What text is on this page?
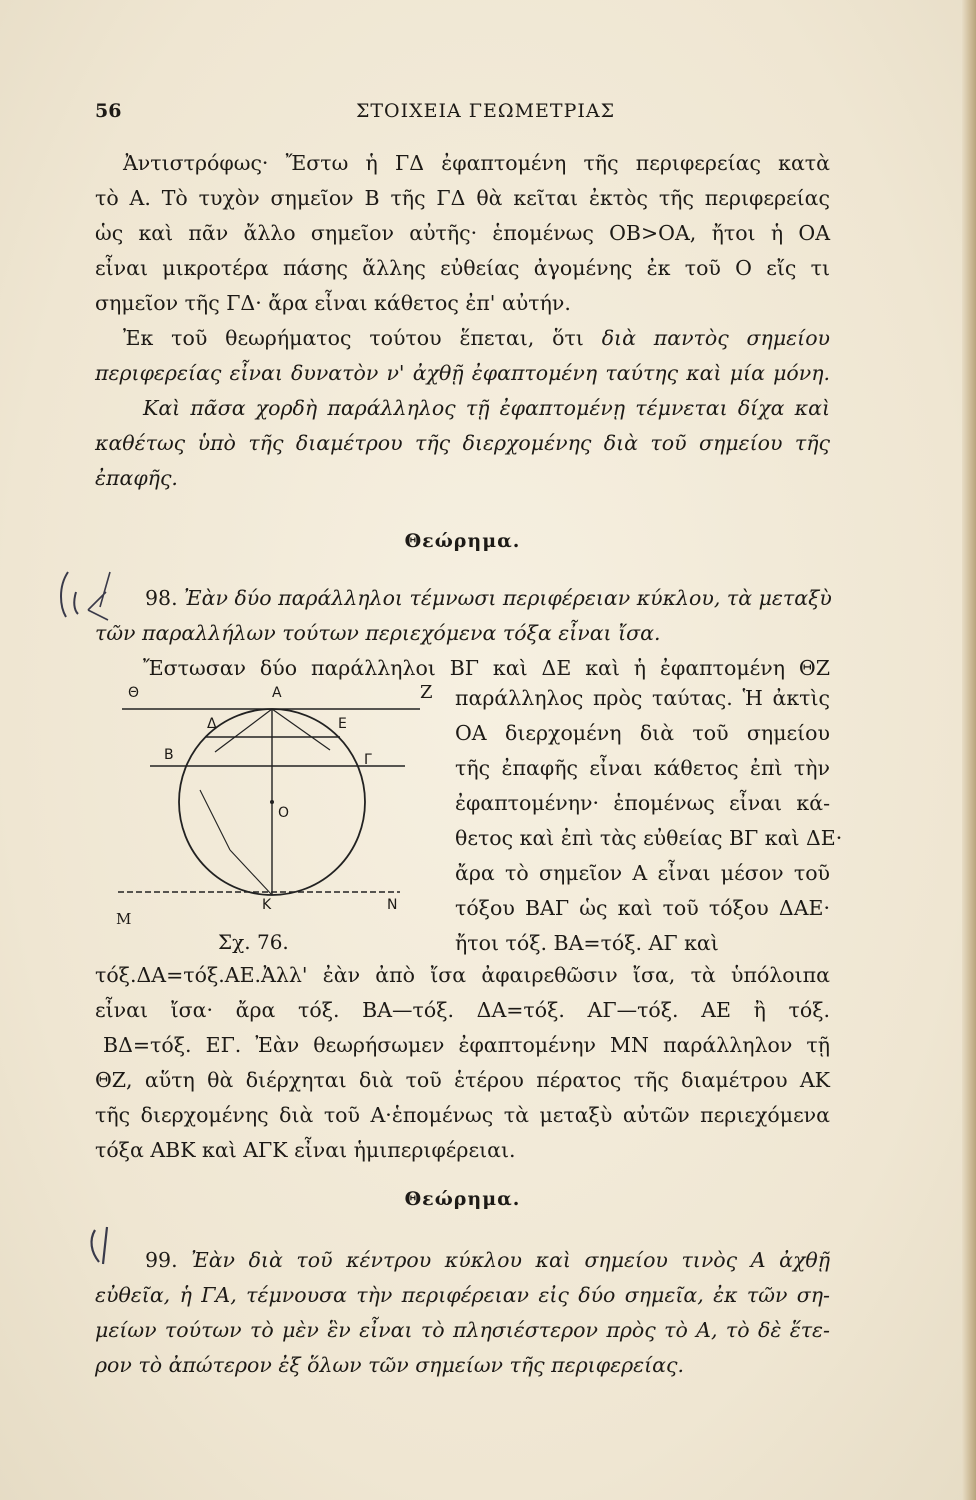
56	ΣΤΟΙΧΕΙΑ ΓΕΩΜΕΤΡΙΑΣ
Ἀντιστρόφως· Ἔστω ἡ ΓΔ ἐφαπτομένη τῆς περιφερείας κατὰ
τὸ Α. Τὸ τυχὸν σημεῖον Β τῆς ΓΔ θὰ κεῖται ἐκτὸς τῆς περιφερείας
ὡς καὶ πᾶν ἄλλο σημεῖον αὐτῆς· ἑπομένως ΟΒ>ΟΑ, ἤτοι ἡ ΟΑ
εἶναι μικροτέρα πάσης ἄλλης εὐθείας ἀγομένης ἐκ τοῦ Ο εἴς τι
σημεῖον τῆς ΓΔ· ἄρα εἶναι κάθετος ἐπ' αὐτήν.
Ἐκ τοῦ θεωρήματος τούτου ἕπεται, ὅτι διὰ παντὸς σημείου
περιφερείας εἶναι δυνατὸν ν' ἀχθῇ ἐφαπτομένη ταύτης καὶ μία μόνη.
Καὶ πᾶσα χορδὴ παράλληλος τῇ ἐφαπτομένῃ τέμνεται δίχα καὶ
καθέτως ὑπὸ τῆς διαμέτρου τῆς διερχομένης διὰ τοῦ σημείου τῆς
ἐπαφῆς.
Θεώρημα.
98. Ἐὰν δύο παράλληλοι τέμνωσι περιφέρειαν κύκλου, τὰ μεταξὺ
τῶν παραλλήλων τούτων περιεχόμενα τόξα εἶναι ἴσα.
Ἔστωσαν δύο παράλληλοι ΒΓ καὶ ΔΕ καὶ ἡ ἐφαπτομένη ΘΖ
Θ	Α	Ζ
Δ	Ε
Β	Γ
Ο
Κ	Ν
Μ
Σχ. 76.
παράλληλος πρὸς ταύτας. Ἡ ἀκτὶς
ΟΑ διερχομένη διὰ τοῦ σημείου
τῆς ἐπαφῆς εἶναι κάθετος ἐπὶ τὴν
ἐφαπτομένην· ἑπομένως εἶναι κά-
θετος καὶ ἐπὶ τὰς εὐθείας ΒΓ καὶ ΔΕ·
ἄρα τὸ σημεῖον Α εἶναι μέσον τοῦ
τόξου ΒΑΓ ὡς καὶ τοῦ τόξου ΔΑΕ·
ἤτοι τόξ. ΒΑ=τόξ. ΑΓ καὶ
τόξ.ΔΑ=τόξ.ΑΕ.Ἀλλ' ἐὰν ἀπὸ ἴσα ἀφαιρεθῶσιν ἴσα, τὰ ὑπόλοιπα
εἶναι ἴσα· ἄρα τόξ. ΒΑ—τόξ. ΔΑ=τόξ. ΑΓ—τόξ. ΑΕ ἢ τόξ.
ΒΔ=τόξ. ΕΓ. Ἐὰν θεωρήσωμεν ἐφαπτομένην ΜΝ παράλληλον τῇ
ΘΖ, αὕτη θὰ διέρχηται διὰ τοῦ ἑτέρου πέρατος τῆς διαμέτρου ΑΚ
τῆς διερχομένης διὰ τοῦ Α·ἑπομένως τὰ μεταξὺ αὐτῶν περιεχόμενα
τόξα ΑΒΚ καὶ ΑΓΚ εἶναι ἡμιπεριφέρειαι.
Θεώρημα.
99. Ἐὰν διὰ τοῦ κέντρου κύκλου καὶ σημείου τινὸς Α ἀχθῇ
εὐθεῖα, ἡ ΓΑ, τέμνουσα τὴν περιφέρειαν εἰς δύο σημεῖα, ἐκ τῶν ση-
μείων τούτων τὸ μὲν ἓν εἶναι τὸ πλησιέστερον πρὸς τὸ Α, τὸ δὲ ἕτε-
ρον τὸ ἀπώτερον ἐξ ὅλων τῶν σημείων τῆς περιφερείας.
